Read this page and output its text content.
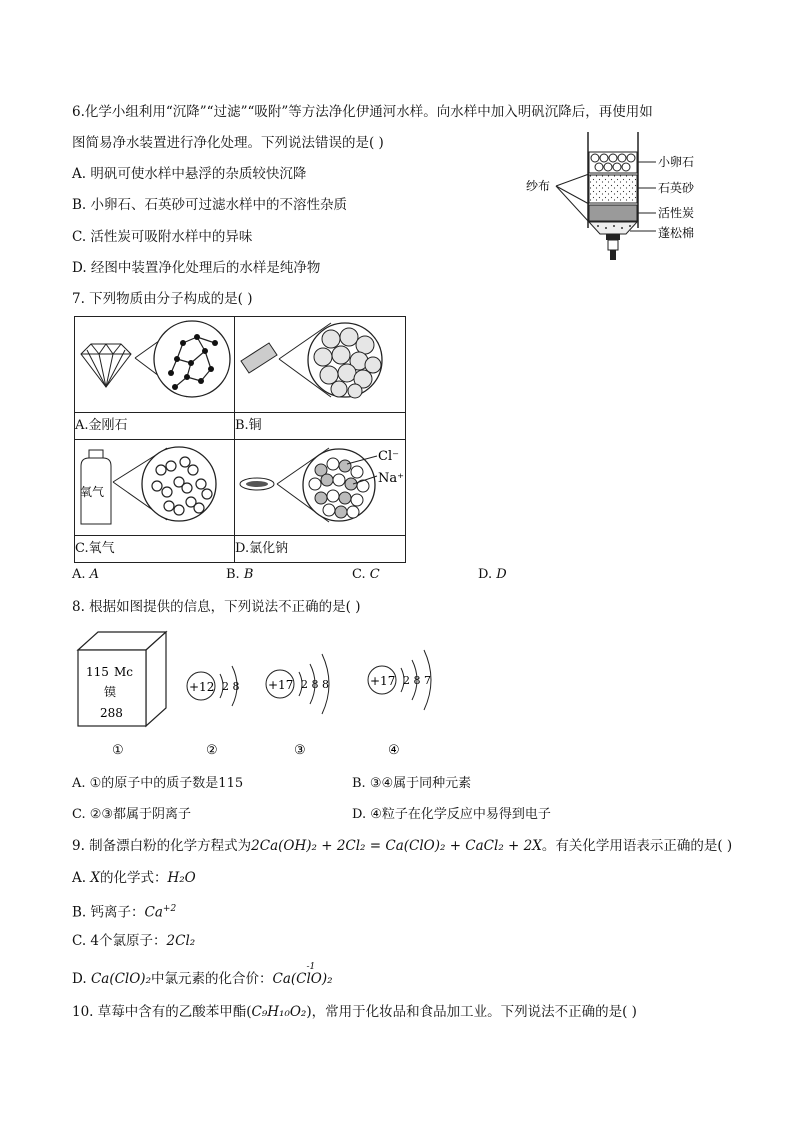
6.化学小组利用“沉降”“过滤”“吸附”等方法净化伊通河水样。向水样中加入明矾沉降后，再使用如
图简易净水装置进行净化处理。下列说法错误的是( )
A. 明矾可使水样中悬浮的杂质较快沉降
B. 小卵石、石英砂可过滤水样中的不溶性杂质
C. 活性炭可吸附水样中的异味
D. 经图中装置净化处理后的水样是纯净物
纱布
小卵石
石英砂
活性炭
蓬松棉
7. 下列物质由分子构成的是( )

A.金刚石	B.铜

氧气	Cl⁻
Na⁺

C.氧气	D.氯化钠
A. A	B. B	C. C	D. D
8. 根据如图提供的信息，下列说法不正确的是( )
115 Mc
镆
288
+12 2 8 +17 2 8 8	+17 2 8 7
①	②	③	④
A. ①的原子中的质子数是115	B. ③④属于同种元素
C. ②③都属于阴离子	D. ④粒子在化学反应中易得到电子
9. 制备漂白粉的化学方程式为2Ca(OH)₂ + 2Cl₂ = Ca(ClO)₂ + CaCl₂ + 2X。有关化学用语表示正确的是( )
A. X的化学式：H₂O
B. 钙离子：$Ca^{+2}$
C. 4个氯原子：2Cl₂
D. Ca(ClO)₂中氯元素的化合价：
-1
Ca(ClO)₂
10. 草莓中含有的乙酸苯甲酯(C₉H₁₀O₂)，常用于化妆品和食品加工业。下列说法不正确的是( )
